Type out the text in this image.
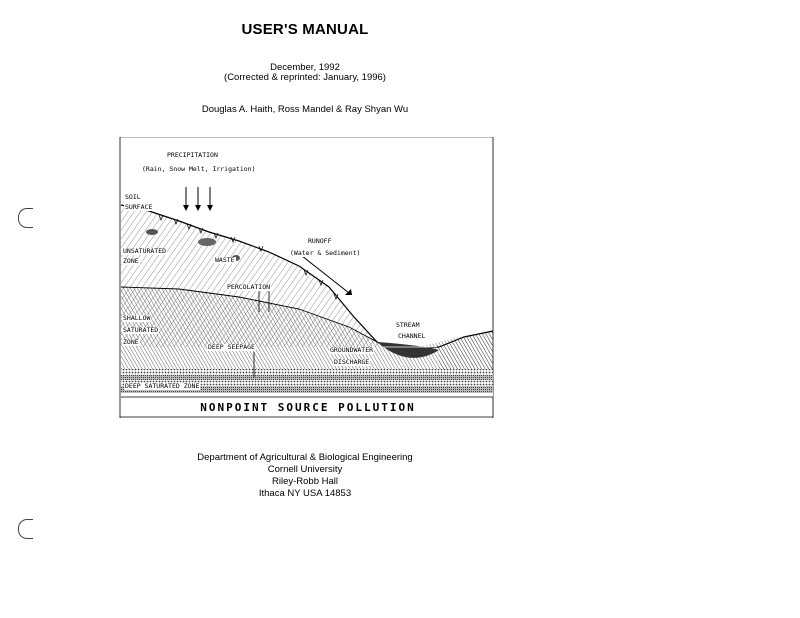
USER'S MANUAL
December, 1992
(Corrected & reprinted: January, 1996)
Douglas A. Haith, Ross Mandel & Ray Shyan Wu
PRECIPITATION
(Rain, Snow Melt, Irrigation)
SOIL
SURFACE
RUNOFF
(Water & Sediment)
UNSATURATED
ZONE	WASTE
PERCOLATION
SHALLOW
SATURATED
ZONE
DEEP SEEPAGE
STREAM
CHANNEL
GROUNDWATER
DISCHARGE
DEEP SATURATED ZONE
NONPOINT SOURCE POLLUTION
Department of Agricultural & Biological Engineering
Cornell University
Riley-Robb Hall
Ithaca NY USA 14853
